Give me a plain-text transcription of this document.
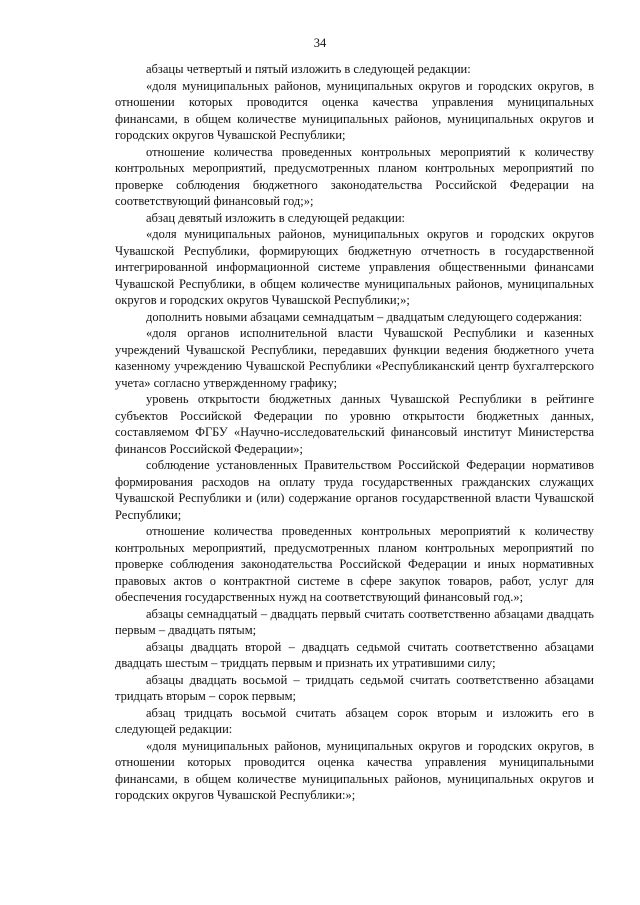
34

абзацы четвертый и пятый изложить в следующей редакции:

«доля муниципальных районов, муниципальных округов и городских округов, в отношении которых проводится оценка качества управления муниципальных финансами, в общем количестве муниципальных районов, муниципальных округов и городских округов Чувашской Республики;

отношение количества проведенных контрольных мероприятий к количеству контрольных мероприятий, предусмотренных планом контрольных мероприятий по проверке соблюдения бюджетного законодательства Российской Федерации на соответствующий финансовый год;»;

абзац девятый изложить в следующей редакции:

«доля муниципальных районов, муниципальных округов и городских округов Чувашской Республики, формирующих бюджетную отчетность в государственной интегрированной информационной системе управления общественными финансами Чувашской Республики, в общем количестве муниципальных районов, муниципальных округов и городских округов Чувашской Республики;»;

дополнить новыми абзацами семнадцатым – двадцатым следующего содержания:

«доля органов исполнительной власти Чувашской Республики и казенных учреждений Чувашской Республики, передавших функции ведения бюджетного учета казенному учреждению Чувашской Республики «Республиканский центр бухгалтерского учета» согласно утвержденному графику;

уровень открытости бюджетных данных Чувашской Республики в рейтинге субъектов Российской Федерации по уровню открытости бюджетных данных, составляемом ФГБУ «Научно-исследовательский финансовый институт Министерства финансов Российской Федерации»;

соблюдение установленных Правительством Российской Федерации нормативов формирования расходов на оплату труда государственных гражданских служащих Чувашской Республики и (или) содержание органов государственной власти Чувашской Республики;

отношение количества проведенных контрольных мероприятий к количеству контрольных мероприятий, предусмотренных планом контрольных мероприятий по проверке соблюдения законодательства Российской Федерации и иных нормативных правовых актов о контрактной системе в сфере закупок товаров, работ, услуг для обеспечения государственных нужд на соответствующий финансовый год.»;

абзацы семнадцатый – двадцать первый считать соответственно абзацами двадцать первым – двадцать пятым;

абзацы двадцать второй – двадцать седьмой считать соответственно абзацами двадцать шестым – тридцать первым и признать их утратившими силу;

абзацы двадцать восьмой – тридцать седьмой считать соответственно абзацами тридцать вторым – сорок первым;

абзац тридцать восьмой считать абзацем сорок вторым и изложить его в следующей редакции:

«доля муниципальных районов, муниципальных округов и городских округов, в отношении которых проводится оценка качества управления муниципальными финансами, в общем количестве муниципальных районов, муниципальных округов и городских округов Чувашской Республики:»;
